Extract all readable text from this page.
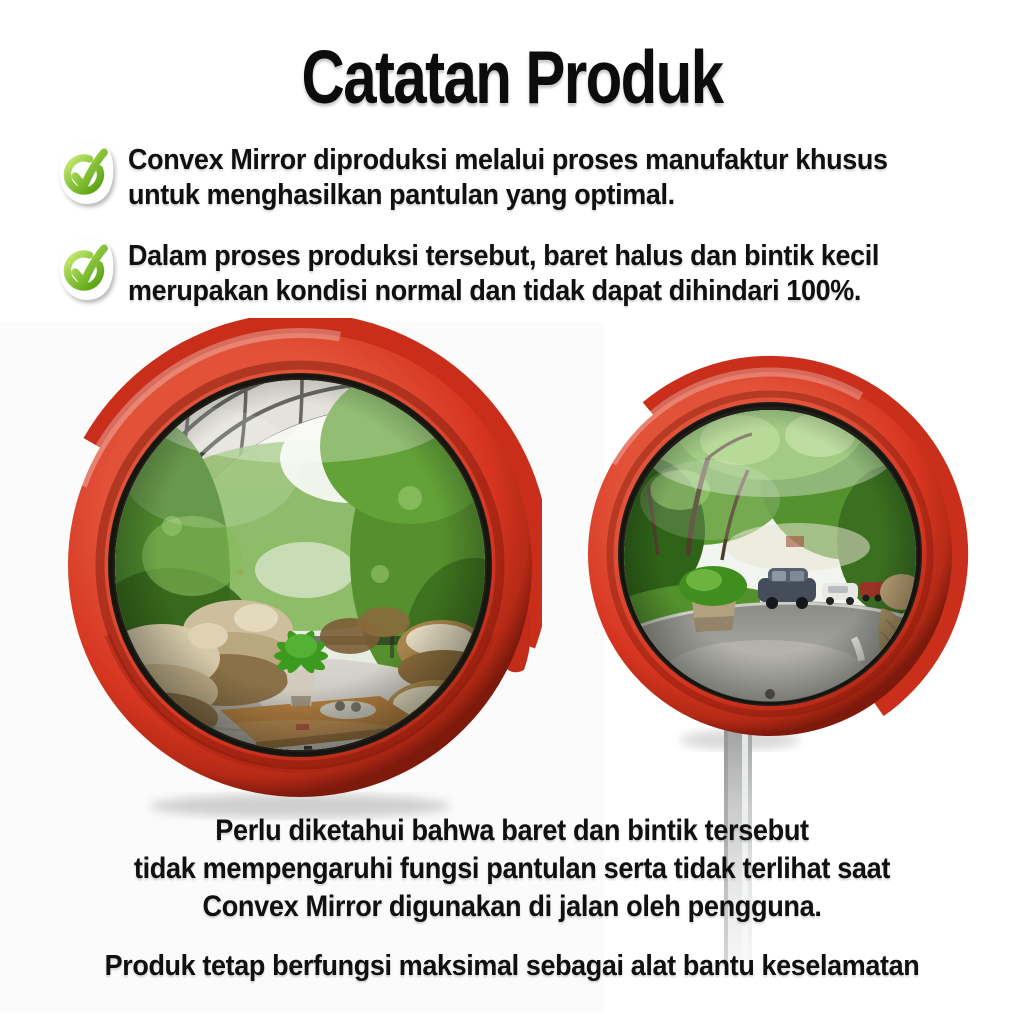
Catatan Produk
Convex Mirror diproduksi melalui proses manufaktur khusus
untuk menghasilkan pantulan yang optimal.
Dalam proses produksi tersebut, baret halus dan bintik kecil
merupakan kondisi normal dan tidak dapat dihindari 100%.
Perlu diketahui bahwa baret dan bintik tersebut
tidak mempengaruhi fungsi pantulan serta tidak terlihat saat
Convex Mirror digunakan di jalan oleh pengguna.
Produk tetap berfungsi maksimal sebagai alat bantu keselamatan
